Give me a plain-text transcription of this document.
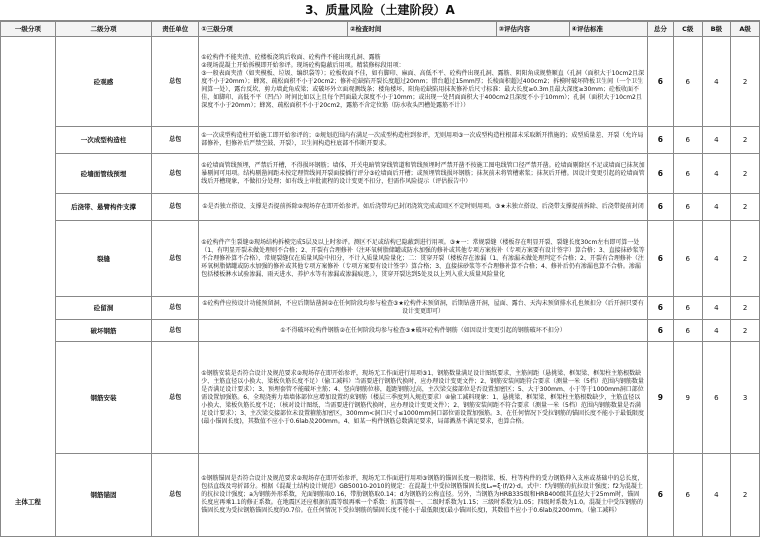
3、质量风险（土建阶段）A
一级分项	二级分项	责任单位	①三级分项	②检查时间	③评估内容	④评估标准	总分	C级	B级	A级
主体工程	砼观感	总包	①砼构件不能夹渣、砼楼板浇筑后收面、砼构件不能出现孔洞、露筋
②现场混凝土开始拆模即开始参评。现场砼构隐蔽后用项。精装修标段用项：
③一般表面夹渣（如夹模板、垃圾、编织袋等）；砼板收面不佳，如有脚印、麻面、高低不平、砼构件出现孔洞、露筋、阴阳角成规整顺直（孔洞（面积大于10cm2且深度不小于20mm）；蜂窝、疏松面积不小于20cm2；修补砼缺陷开裂长度超过20mm；错台超过15mm厚；长棱面积超过400cm2；拆模时破坏降板卫生间（一个卫生间算一处），露台反坎、剪力墙此角成梁；或破坏外立面观测线条；楼角楼坏、阳角砼缺陷用抹灰修补后尺寸标准：最大长度≥0.3m且最大深度≥30mm；砼板收面不佳，如脚印、高低不平（凹凸）时间比如以上且每个凹面最大深度不小于10mm；或出现一处凹面面积大于400cm2且深度不小于10mm）；孔洞（面积大于10cm2且深度不小于20mm）；蜂窝、疏松面积不小于20cm2，露筋不含定位筋（防水收头凹槽处露筋不计））				6	6	4	2
	一次成型构造柱	总包	①一次成型构造柱开始施工即开始参评的；②规划范围内有满足一次成型构造柱到参评，无则用项③一次成型构造柱根部未采取断开措施的；成型质量差、开裂（允许局部修补，但修补后严禁空鼓、开裂），卫生间构造柱底部不作断开要求。				6	6	4	2
	砼墙面管线预埋	总包	①砼墙面管线预埋，严禁后开槽，不得损坏钢筋；墙体，开关电暗管穿线管道和管线预埋时严禁开凿不按施工图电线管口径严禁开凿。砼墙面剔除区不足或墙面已抹灰加暴剔间可用项。结构剔凿间距未按定理管线间开裂面接插行评分③砼墙面后开槽；或预埋管线损坏钢筋；抹灰前未将管槽素浆；抹灰后开槽。因设计变更引起的砼墙面管线后开槽现象，不做扣分处理；如有线上审批流程的设计变更不扣分，但需作风险提示（评估报告中）				6	6	4	2
	后浇带、悬臂构件支撑	总包	①是否独立搭设、支撑是否提前拆除②现场存在即开始参评。如后浇带均已封闭浇筑完成或回区不定时则用项。③★未独立搭设、后浇带支撑提前拆除、后浇带提前封闭				6	6	4	2
	裂缝	总包	①砼构件产生裂缝②现场结构拆模完成5层及以上时参评。测区不足或结构已隐蔽到进行用项。③★一：常规裂缝（楼板存在明显开裂、裂缝长度30cm左右即可算一处（1、有明显开裂未做处理则不合格；2、开裂有合理修补（注环氧树脂储罐或防水加强的修补或其他专项方案按补（专项方案要有设计签字）算合格；3、直接抹砂浆等不合理修补算不合格），常规裂缝仅在质量风险中扣分，不计入质量风险量化；二：贯穿开裂（楼板存在渗漏（1、有渗漏未做处理判定不合格；2、开裂有合理修补（注环氧树脂储罐或防水加强的修补或其他专项方案修补（专项方案要有设计签字）算合格；3、直接抹砂浆等不合理修补算不合格；4、修补后仍有渗漏也算不合格。渗漏包括楼板淋水试验渗漏、雨天进水、养护水等有渗漏或渗漏痕迹。），贯穿开裂达到5处及以上列入重大质量风险量化				6	6	4	2
	砼留洞	总包	①砼构件应按设计功能预留洞，不应后期钻凿洞②在任何阶段均参与检查③★砼构件未预留洞，后期钻凿开洞，屋面、露台、天沟未预留排水孔也须扣分（后开洞只要有设计变更即可）				6	6	4	2
	破坏钢筋	总包	①不得破坏砼构件钢筋②在任何阶段均参与检查③★破坏砼构件钢筋（如因设计变更引起的钢筋破坏不扣分）				6	6	4	2
	钢筋安装	总包	①钢筋安装是否符合设计及规范要求②现场存在即开始参评，现场无工作面进行用项③1、钢筋数量满足设计图纸要求，主筋间距（悬挑梁、框架梁、框架柱主筋根数缺少、主筋直径以小换大、梁板负筋长度不足）（偷工减料）当需要进行钢筋代换时，应办理设计变更文件；2、钢筋安装间距符合要求（测量一米（5档）范围内钢筋数量是否满足设计要求）；3、预埋套管不能破坏主筋；4、竖向钢筋位移，超距钢筋过高，主次梁交接部位是否设置加密区；5、大于300mm、小于等于1000mm洞口部位需设置加强筋。6、全现浇剪力墙墙体部位应增加设置约束钢筋（楼层三季度列入规范要求）④偷工减料现象：1、悬挑梁、框架梁、框架柱主筋根数缺少，主筋直径以小换大、梁板负筋长度不足；（核对设计图纸，当需要进行钢筋代换时，应办理设计变更文件）；2、钢筋安装间距不符合要求（测量一米（5档）范围内钢筋数量是否满足设计要求）；3、主次梁交接部位未设置箍筋加密区，300mm<洞口尺寸≤1000mm洞口部位需设置加强筋。3、在任何情况下受拉钢筋的锚固长度不能小于最低限度(最小锚固长度)，其数值不应小于0.6lab及200mm。4、如某一构件钢筋总数满足要求，局部溅基不满足要求，也算合格。				9	9	6	3
	钢筋锚固	总包	①钢筋锚固是否符合设计及规范要求②现场存在即开始参评，现场无工作面进行用项③钢筋的锚固长度一般指梁、板、柱等构件的受力钢筋伸入支座或基础中的总长度，包括直线及弯折部分。根据《混凝土结构设计规范》GB50010-2010的规定：在混凝土中受拉钢筋锚固长度Lₐ=ξ·(f/2)·d。式中：f为钢筋的抗拉设计强度；f2为混凝土的抗拉设计强度；a为钢筋外形系数，光面钢筋取0.16，带肋钢筋取0.14；d为钢筋的公称直径。另外，当钢筋为HRB335级和HRB400级其直径大于25mm时，锚固长度应再乘1.1的修正系数。在地震区还应根据抗震等级再乘一个系数：抗震等级一、二级时系数为1.15；三级时系数为1.05；四级时系数为1.0。混凝土中受压钢筋的锚固长度为受拉钢筋锚固长度的0.7倍。在任何情况下受拉钢筋的锚固长度不能小于最低限度(最小锚固长度)，其数值不应小于0.6lab及200mm。（偷工减料）				6	6	4	2
